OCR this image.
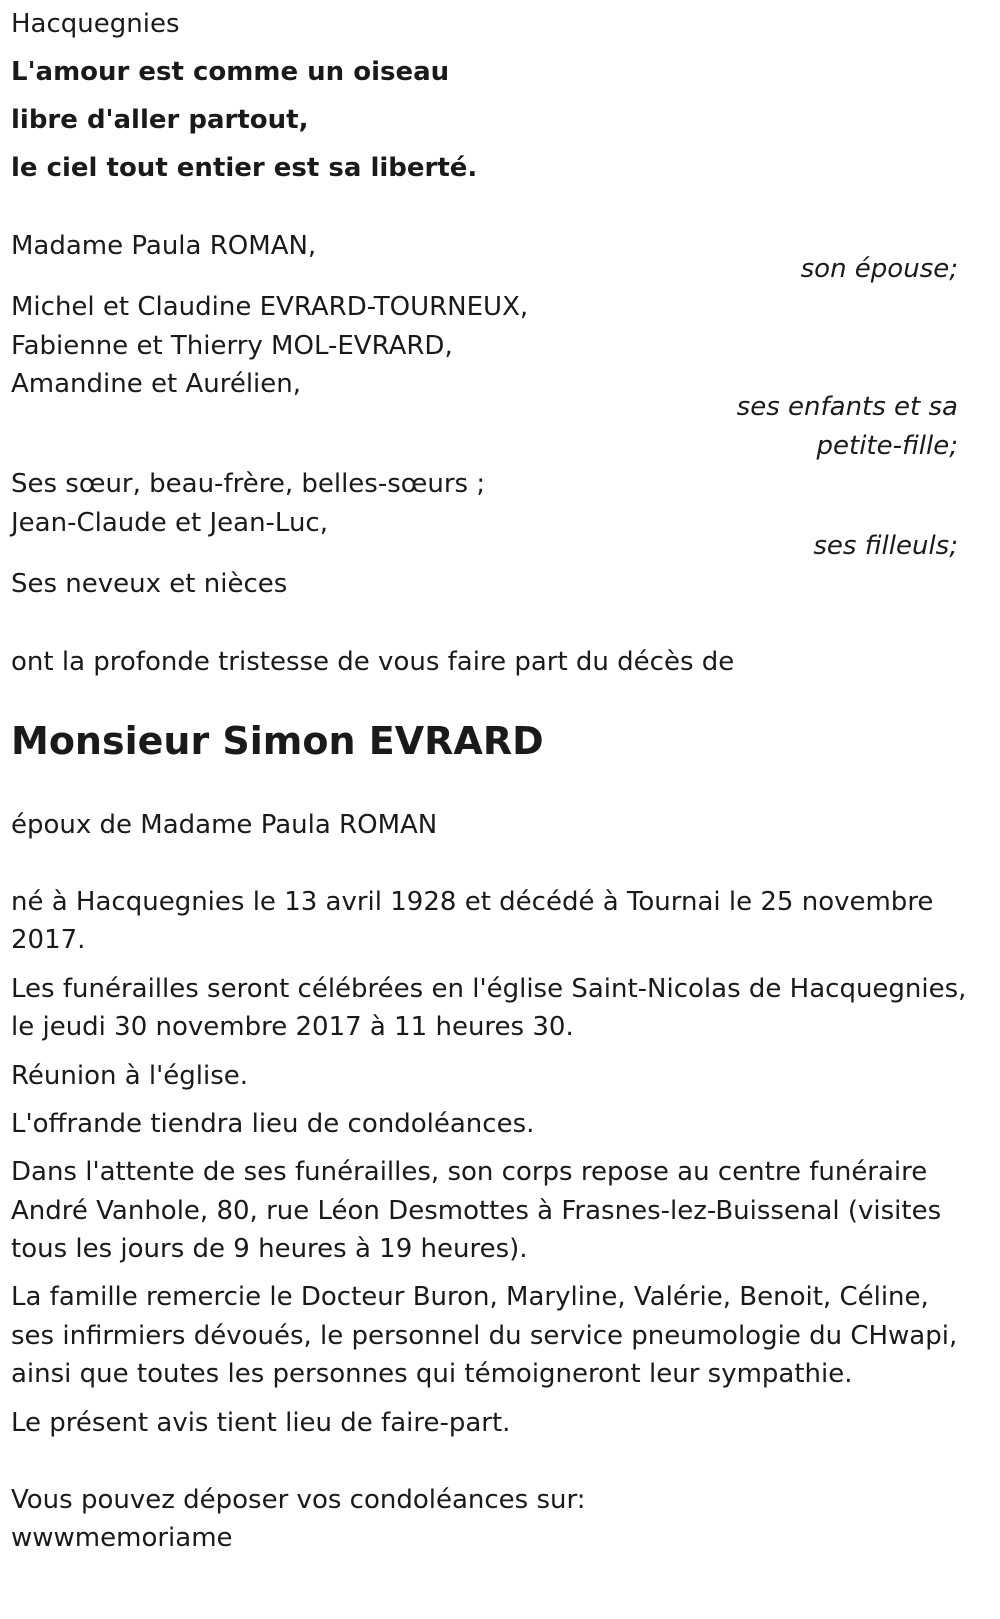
Hacquegnies
L'amour est comme un oiseau
libre d'aller partout,
le ciel tout entier est sa liberté.
Madame Paula ROMAN,
son épouse;
Michel et Claudine EVRARD-TOURNEUX,
Fabienne et Thierry MOL-EVRARD,
Amandine et Aurélien,
ses enfants et sa
petite-fille;
Ses sœur, beau-frère, belles-sœurs ;
Jean-Claude et Jean-Luc,
ses filleuls;
Ses neveux et nièces
ont la profonde tristesse de vous faire part du décès de
Monsieur Simon EVRARD
époux de Madame Paula ROMAN
né à Hacquegnies le 13 avril 1928 et décédé à Tournai le 25 novembre
2017.
Les funérailles seront célébrées en l'église Saint-Nicolas de Hacquegnies,
le jeudi 30 novembre 2017 à 11 heures 30.
Réunion à l'église.
L'offrande tiendra lieu de condoléances.
Dans l'attente de ses funérailles, son corps repose au centre funéraire
André Vanhole, 80, rue Léon Desmottes à Frasnes-lez-Buissenal (visites
tous les jours de 9 heures à 19 heures).
La famille remercie le Docteur Buron, Maryline, Valérie, Benoit, Céline,
ses infirmiers dévoués, le personnel du service pneumologie du CHwapi,
ainsi que toutes les personnes qui témoigneront leur sympathie.
Le présent avis tient lieu de faire-part.
Vous pouvez déposer vos condoléances sur:
wwwmemoriame
